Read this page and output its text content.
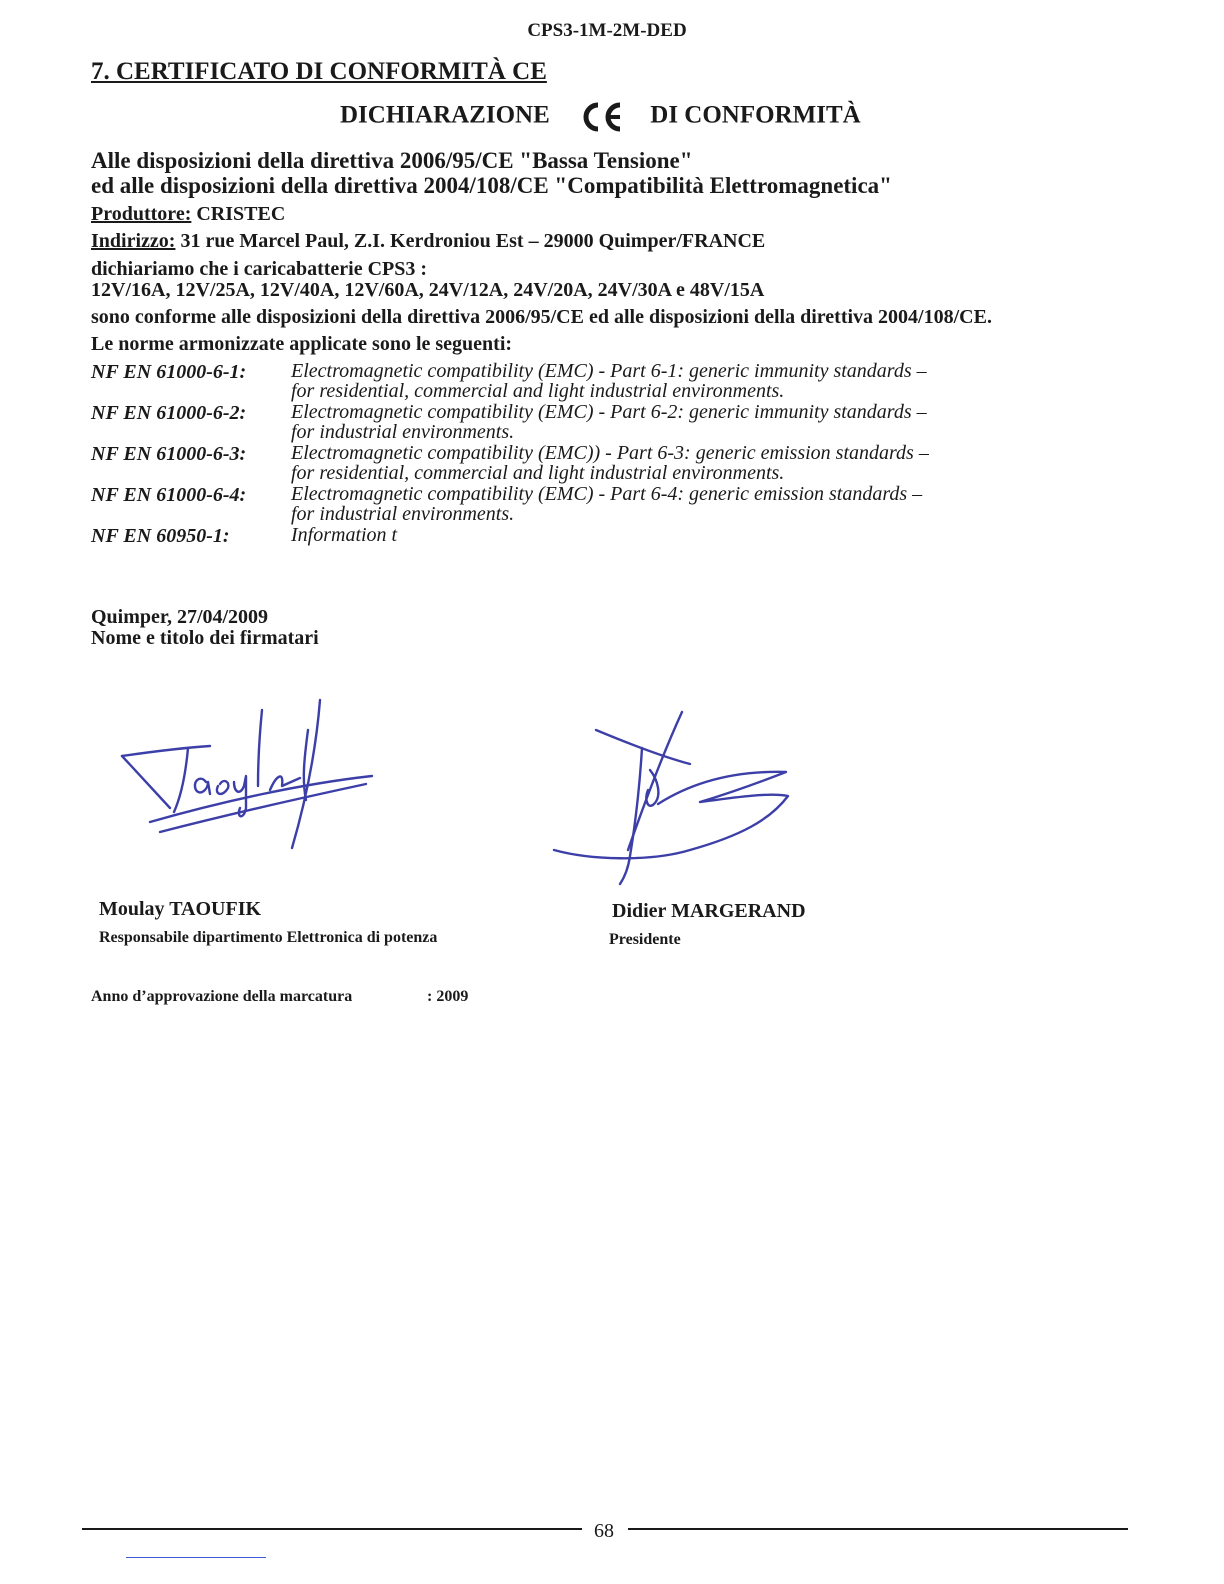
CPS3-1M-2M-DED
7. CERTIFICATO DI CONFORMITÀ CE
DICHIARAZIONE	DI CONFORMITÀ
Alle disposizioni della direttiva 2006/95/CE "Bassa Tensione"
ed alle disposizioni della direttiva 2004/108/CE "Compatibilità Elettromagnetica"
Produttore: CRISTEC
Indirizzo: 31 rue Marcel Paul, Z.I. Kerdroniou Est – 29000 Quimper/FRANCE
dichiariamo che i caricabatterie CPS3 :
12V/16A, 12V/25A, 12V/40A, 12V/60A, 24V/12A, 24V/20A, 24V/30A e 48V/15A
sono conforme alle disposizioni della direttiva 2006/95/CE ed alle disposizioni della direttiva 2004/108/CE.
Le norme armonizzate applicate sono le seguenti:
NF EN 61000-6-1: Electromagnetic compatibility (EMC) - Part 6-1: generic immunity standards –
for residential, commercial and light industrial environments.
NF EN 61000-6-2: Electromagnetic compatibility (EMC) - Part 6-2: generic immunity standards –
for industrial environments.
NF EN 61000-6-3: Electromagnetic compatibility (EMC)) - Part 6-3: generic emission standards –
for residential, commercial and light industrial environments.
NF EN 61000-6-4: Electromagnetic compatibility (EMC) - Part 6-4: generic emission standards –
for industrial environments.
NF EN 60950-1:	Information t
Quimper, 27/04/2009
Nome e titolo dei firmatari
Moulay TAOUFIK
Responsabile dipartimento Elettronica di potenza
Didier MARGERAND
Presidente
Anno d’approvazione della marcatura	: 2009
68
